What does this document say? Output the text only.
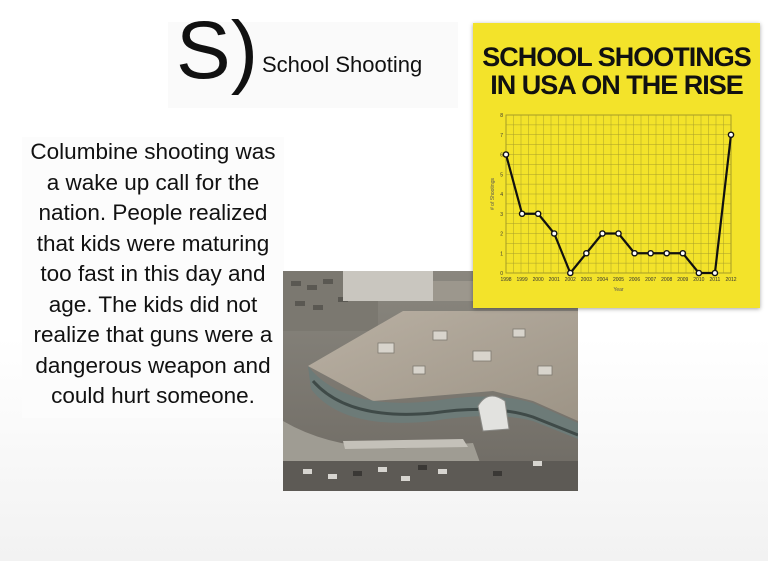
S) School Shooting
Columbine shooting was a wake up call for the nation. People realized that kids were maturing too fast in this day and age. The kids did not realize that guns were a dangerous weapon and could hurt someone.
SCHOOL SHOOTINGS
IN USA ON THE RISE
0
1
2
3
4
5
6
7
8
1998 1999 2000 2001 2002 2003 2004 2005 2006 2007 2008 2009 2010 2011 2012
# of Shootings
Year
